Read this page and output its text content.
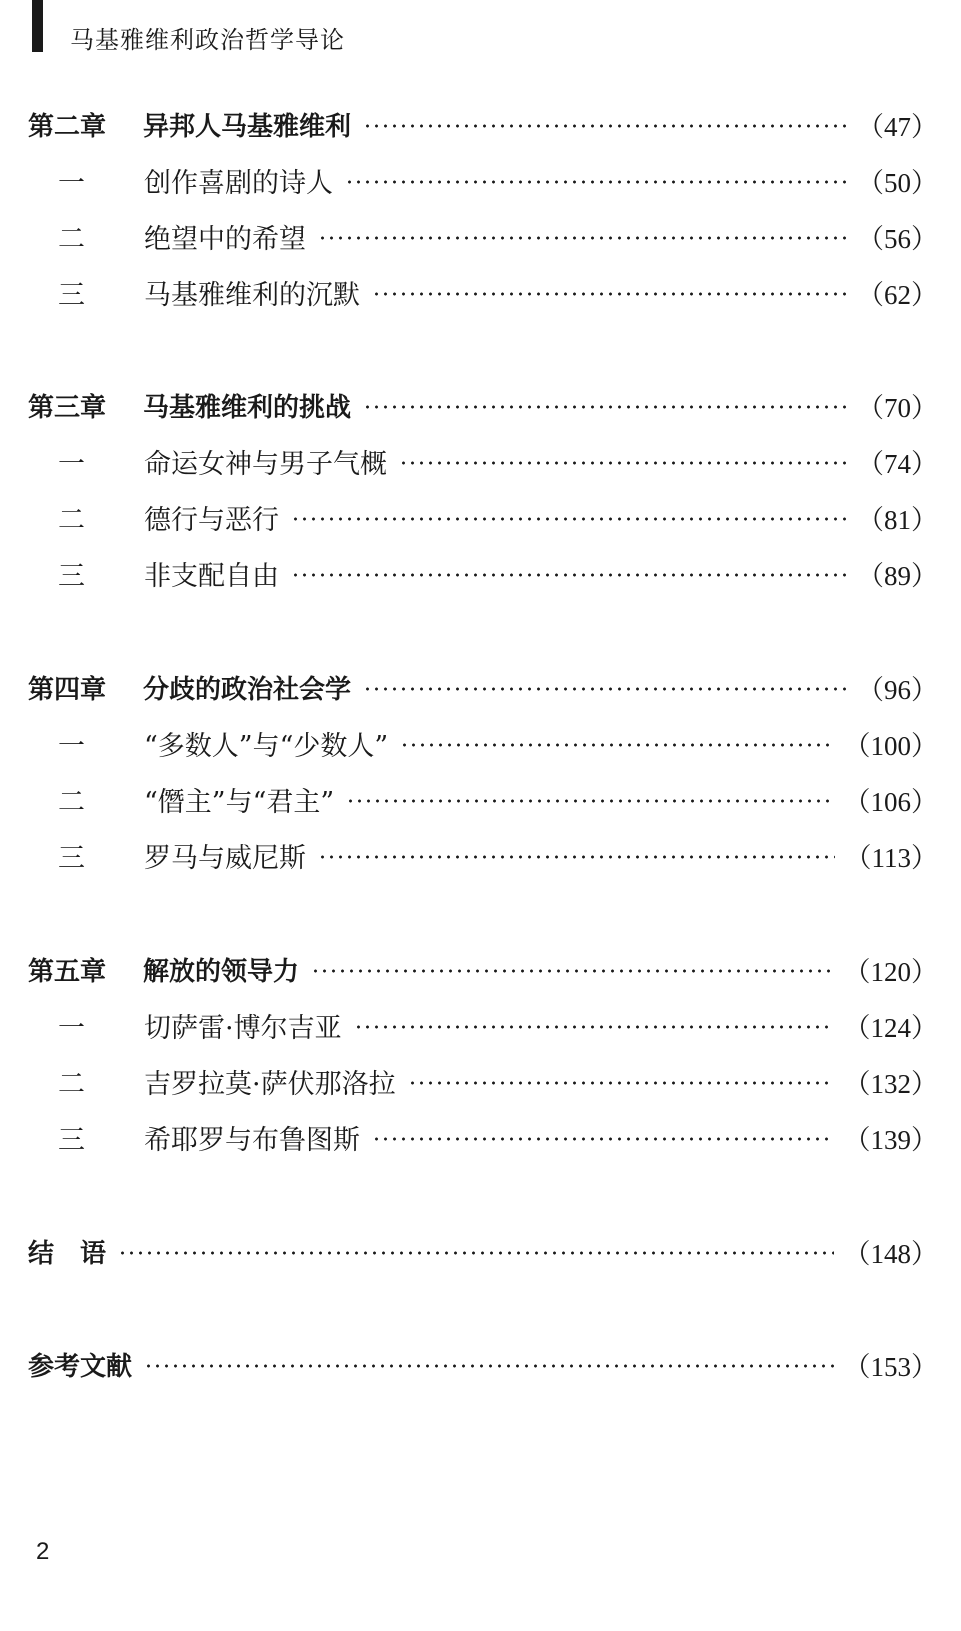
马基雅维利政治哲学导论
第二章	异邦人马基雅维利	（47）
一	创作喜剧的诗人	（50）
二	绝望中的希望	（56）
三	马基雅维利的沉默	（62）
第三章	马基雅维利的挑战	（70）
一	命运女神与男子气概	（74）
二	德行与恶行	（81）
三	非支配自由	（89）
第四章	分歧的政治社会学	（96）
一	“多数人”与“少数人”	（100）
二	“僭主”与“君主”	（106）
三	罗马与威尼斯	（113）
第五章	解放的领导力	（120）
一	切萨雷·博尔吉亚	（124）
二	吉罗拉莫·萨伏那洛拉	（132）
三	希耶罗与布鲁图斯	（139）
结　语	（148）
参考文献	（153）
2
